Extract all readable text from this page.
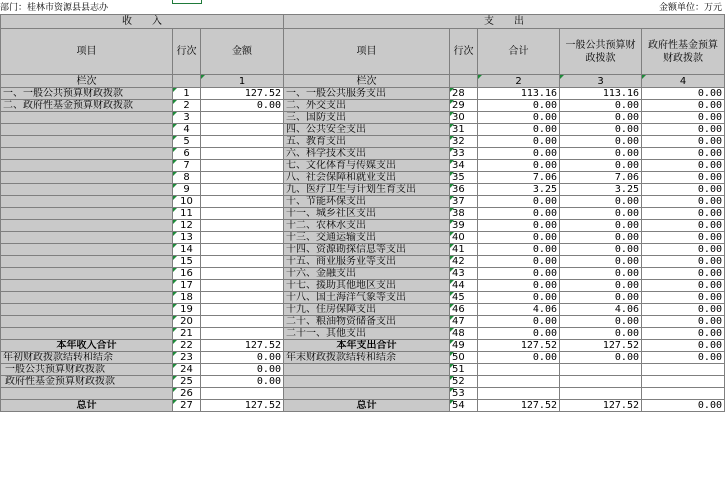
部门：桂林市资源县县志办	金额单位：万元
收　　入			支　　出				
项目	行次	金额	项目	行次	合计	一般公共预算财政拨款	政府性基金预算财政拨款
栏次		1	栏次		2	3	4
一、一般公共预算财政拨款	1	127.52	一、一般公共服务支出	28	113.16	113.16	0.00
二、政府性基金预算财政拨款	2	0.00	二、外交支出	29	0.00	0.00	0.00
	3		三、国防支出	30	0.00	0.00	0.00
	4		四、公共安全支出	31	0.00	0.00	0.00
	5		五、教育支出	32	0.00	0.00	0.00
	6		六、科学技术支出	33	0.00	0.00	0.00
	7		七、文化体育与传媒支出	34	0.00	0.00	0.00
	8		八、社会保障和就业支出	35	7.06	7.06	0.00
	9		九、医疗卫生与计划生育支出	36	3.25	3.25	0.00
	10		十、节能环保支出	37	0.00	0.00	0.00
	11		十一、城乡社区支出	38	0.00	0.00	0.00
	12		十二、农林水支出	39	0.00	0.00	0.00
	13		十三、交通运输支出	40	0.00	0.00	0.00
	14		十四、资源勘探信息等支出	41	0.00	0.00	0.00
	15		十五、商业服务业等支出	42	0.00	0.00	0.00
	16		十六、金融支出	43	0.00	0.00	0.00
	17		十七、援助其他地区支出	44	0.00	0.00	0.00
	18		十八、国土海洋气象等支出	45	0.00	0.00	0.00
	19		十九、住房保障支出	46	4.06	4.06	0.00
	20		二十、粮油物资储备支出	47	0.00	0.00	0.00
	21		二十一、其他支出	48	0.00	0.00	0.00
本年收入合计	22	127.52	本年支出合计	49	127.52	127.52	0.00
年初财政拨款结转和结余	23	0.00	年末财政拨款结转和结余	50	0.00	0.00	0.00
一般公共预算财政拨款	24	0.00		51			
政府性基金预算财政拨款	25	0.00		52			
	26			53			
总计	27	127.52	总计	54	127.52	127.52	0.00
